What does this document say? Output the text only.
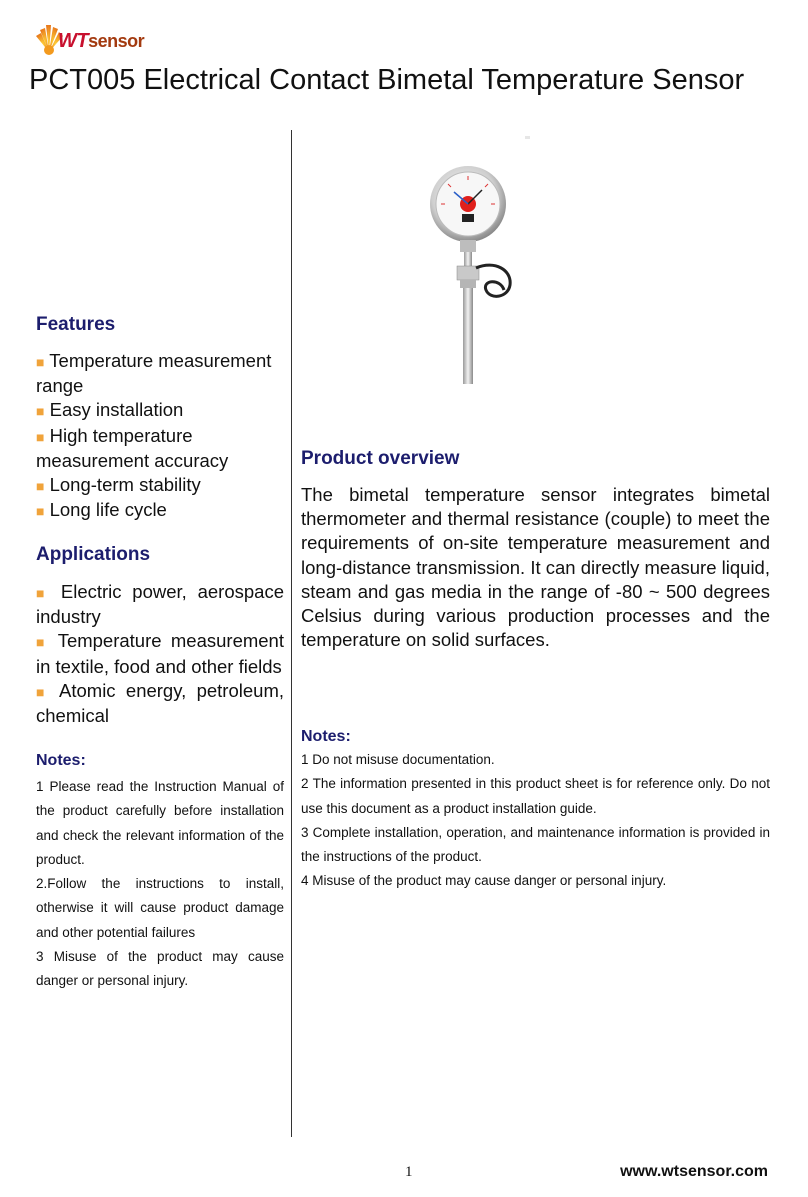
WTsensor
PCT005 Electrical Contact Bimetal Temperature Sensor
Features
■ Temperature measurement range
■ Easy installation
■ High temperature measurement accuracy
■ Long-term stability
■ Long life cycle
Applications
■ Electric power, aerospace industry
■ Temperature measurement in textile, food and other fields
■ Atomic energy, petroleum, chemical
Notes:
1 Please read the Instruction Manual of the product carefully before installation and check the relevant information of the product.
2.Follow the instructions to install, otherwise it will cause product damage and other potential failures
3 Misuse of the product may cause danger or personal injury.
Product overview
The bimetal temperature sensor integrates bimetal thermometer and thermal resistance (couple) to meet the requirements of on-site temperature measurement and long-distance transmission. It can directly measure liquid, steam and gas media in the range of -80 ~ 500 degrees Celsius during various production processes and the temperature on solid surfaces.
Notes:
1 Do not misuse documentation.
2 The information presented in this product sheet is for reference only. Do not use this document as a product installation guide.
3 Complete installation, operation, and maintenance information is provided in the instructions of the product.
4 Misuse of the product may cause danger or personal injury.
1	www.wtsensor.com
